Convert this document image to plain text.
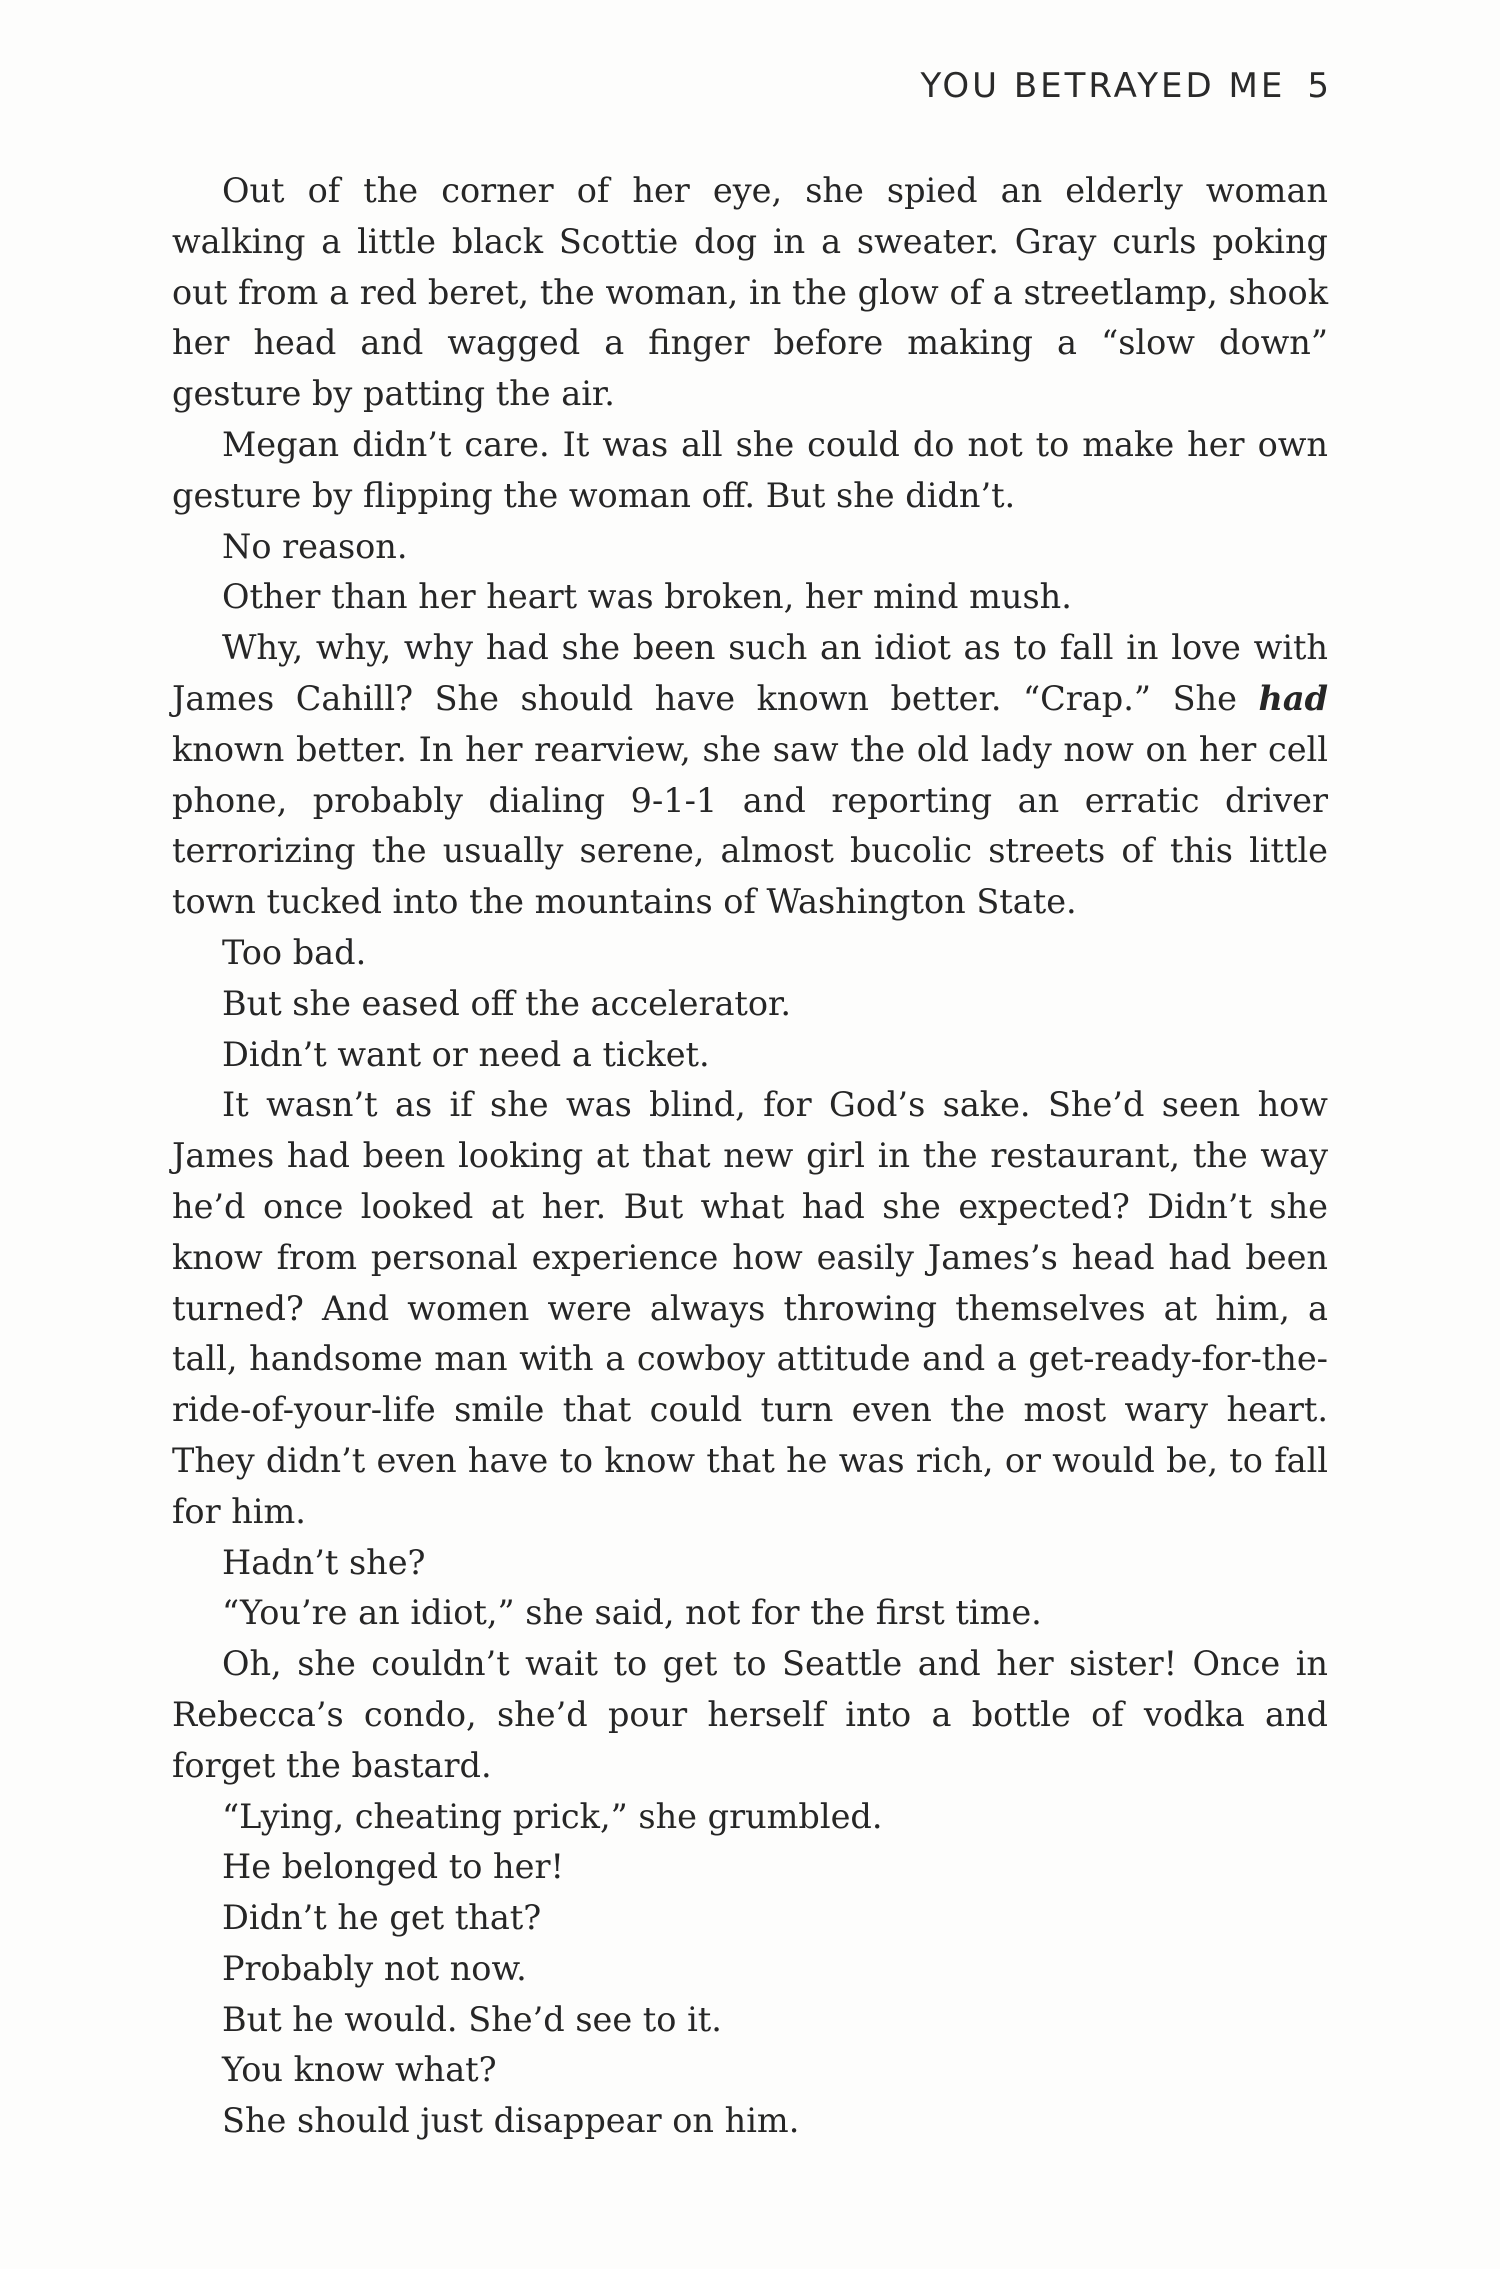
YOU BETRAYED ME 5

Out of the corner of her eye, she spied an elderly woman walking a little black Scottie dog in a sweater. Gray curls poking out from a red beret, the woman, in the glow of a streetlamp, shook her head and wagged a finger before making a “slow down” gesture by patting the air.

Megan didn’t care. It was all she could do not to make her own gesture by flipping the woman off. But she didn’t.

No reason.

Other than her heart was broken, her mind mush.

Why, why, why had she been such an idiot as to fall in love with James Cahill? She should have known better. “Crap.” She had known better. In her rearview, she saw the old lady now on her cell phone, probably dialing 9-1-1 and reporting an erratic driver terrorizing the usually serene, almost bucolic streets of this little town tucked into the mountains of Washington State.

Too bad.

But she eased off the accelerator.

Didn’t want or need a ticket.

It wasn’t as if she was blind, for God’s sake. She’d seen how James had been looking at that new girl in the restaurant, the way he’d once looked at her. But what had she expected? Didn’t she know from personal experience how easily James’s head had been turned? And women were always throwing themselves at him, a tall, handsome man with a cowboy attitude and a get-ready-for-the-ride-of-your-life smile that could turn even the most wary heart. They didn’t even have to know that he was rich, or would be, to fall for him.

Hadn’t she?

“You’re an idiot,” she said, not for the first time.

Oh, she couldn’t wait to get to Seattle and her sister! Once in Rebecca’s condo, she’d pour herself into a bottle of vodka and forget the bastard.

“Lying, cheating prick,” she grumbled.

He belonged to her!

Didn’t he get that?

Probably not now.

But he would. She’d see to it.

You know what?

She should just disappear on him.
